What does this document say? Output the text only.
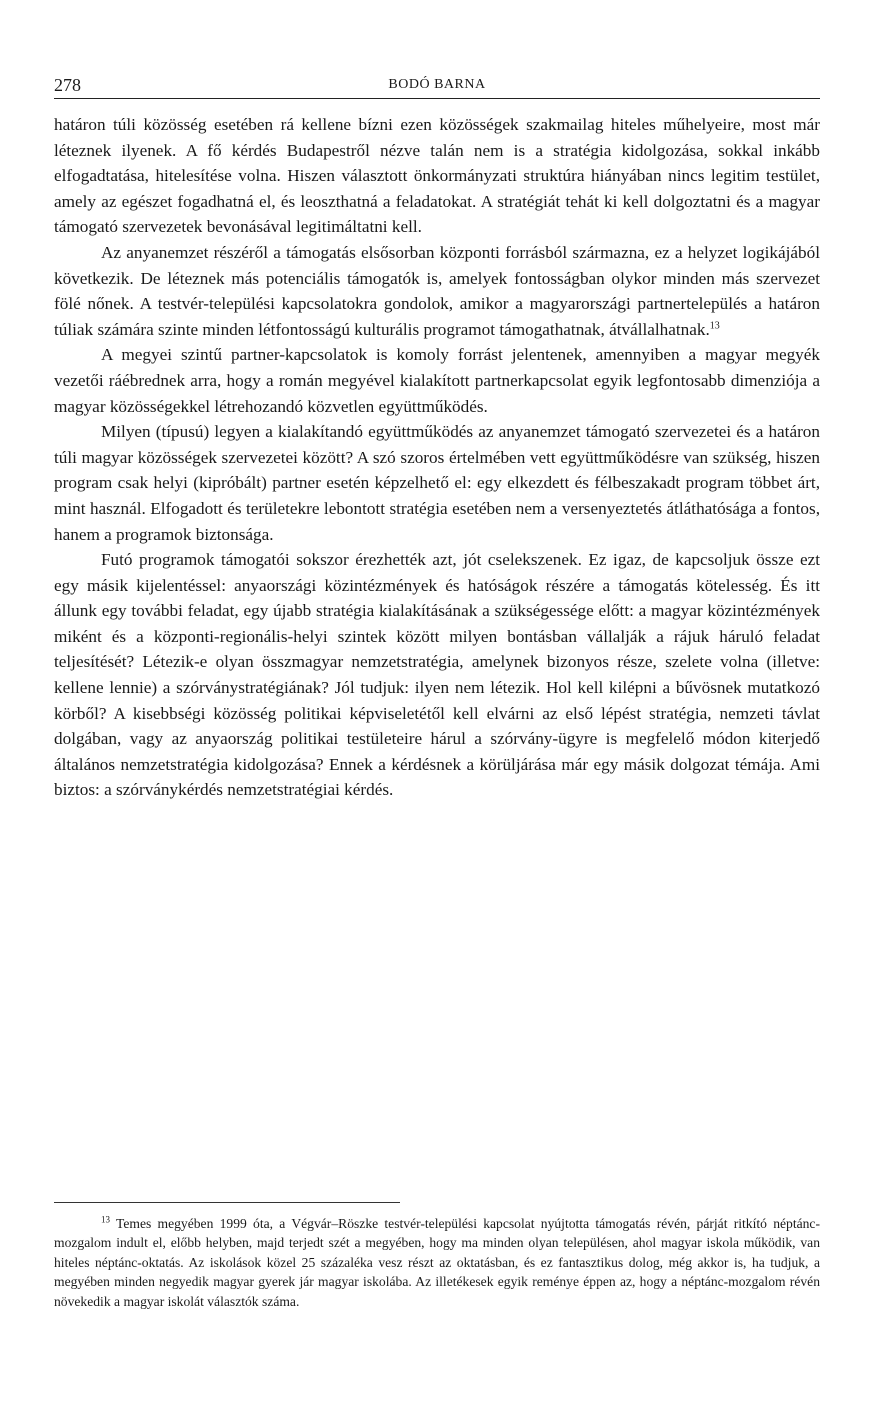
278	BODÓ BARNA

határon túli közösség esetében rá kellene bízni ezen közösségek szakmailag hiteles műhelyeire, most már léteznek ilyenek. A fő kérdés Budapestről nézve talán nem is a stratégia kidolgozása, sokkal inkább elfogadtatása, hitelesítése volna. Hiszen választott önkormányzati struktúra hiányában nincs legitim testület, amely az egészet fogadhatná el, és leoszthatná a feladatokat. A stratégiát tehát ki kell dolgoztatni és a magyar támogató szervezetek bevonásával legitimáltatni kell.

Az anyanemzet részéről a támogatás elsősorban központi forrásból származna, ez a helyzet logikájából következik. De léteznek más potenciális támogatók is, amelyek fontosságban olykor minden más szervezet fölé nőnek. A testvér-települési kapcsolatokra gondolok, amikor a magyarországi partnertelepülés a határon túliak számára szinte minden létfontosságú kulturális programot támogathatnak, átvállalhatnak.$^{13}$

A megyei szintű partner-kapcsolatok is komoly forrást jelentenek, amennyiben a magyar megyék vezetői ráébrednek arra, hogy a román megyével kialakított partnerkapcsolat egyik legfontosabb dimenziója a magyar közösségekkel létrehozandó közvetlen együttműködés.

Milyen (típusú) legyen a kialakítandó együttműködés az anyanemzet támogató szervezetei és a határon túli magyar közösségek szervezetei között? A szó szoros értelmében vett együttműködésre van szükség, hiszen program csak helyi (kipróbált) partner esetén képzelhető el: egy elkezdett és félbeszakadt program többet árt, mint használ. Elfogadott és területekre lebontott stratégia esetében nem a versenyeztetés átláthatósága a fontos, hanem a programok biztonsága.

Futó programok támogatói sokszor érezhették azt, jót cselekszenek. Ez igaz, de kapcsoljuk össze ezt egy másik kijelentéssel: anyaországi közintézmények és hatóságok részére a támogatás kötelesség. És itt állunk egy további feladat, egy újabb stratégia kialakításának a szükségessége előtt: a magyar közintézmények miként és a központi-regionális-helyi szintek között milyen bontásban vállalják a rájuk háruló feladat teljesítését? Létezik-e olyan összmagyar nemzetstratégia, amelynek bizonyos része, szelete volna (illetve: kellene lennie) a szórványstratégiának? Jól tudjuk: ilyen nem létezik. Hol kell kilépni a bűvösnek mutatkozó körből? A kisebbségi közösség politikai képviseletétől kell elvárni az első lépést stratégia, nemzeti távlat dolgában, vagy az anyaország politikai testületeire hárul a szórvány-ügyre is megfelelő módon kiterjedő általános nemzetstratégia kidolgozása? Ennek a kérdésnek a körüljárása már egy másik dolgozat témája. Ami biztos: a szórványkérdés nemzetstratégiai kérdés.

$^{13}$ Temes megyében 1999 óta, a Végvár–Röszke testvér-települési kapcsolat nyújtotta támogatás révén, párját ritkító néptánc-mozgalom indult el, előbb helyben, majd terjedt szét a megyében, hogy ma minden olyan településen, ahol magyar iskola működik, van hiteles néptánc-oktatás. Az iskolások közel 25 százaléka vesz részt az oktatásban, és ez fantasztikus dolog, még akkor is, ha tudjuk, a megyében minden negyedik magyar gyerek jár magyar iskolába. Az illetékesek egyik reménye éppen az, hogy a néptánc-mozgalom révén növekedik a magyar iskolát választók száma.
